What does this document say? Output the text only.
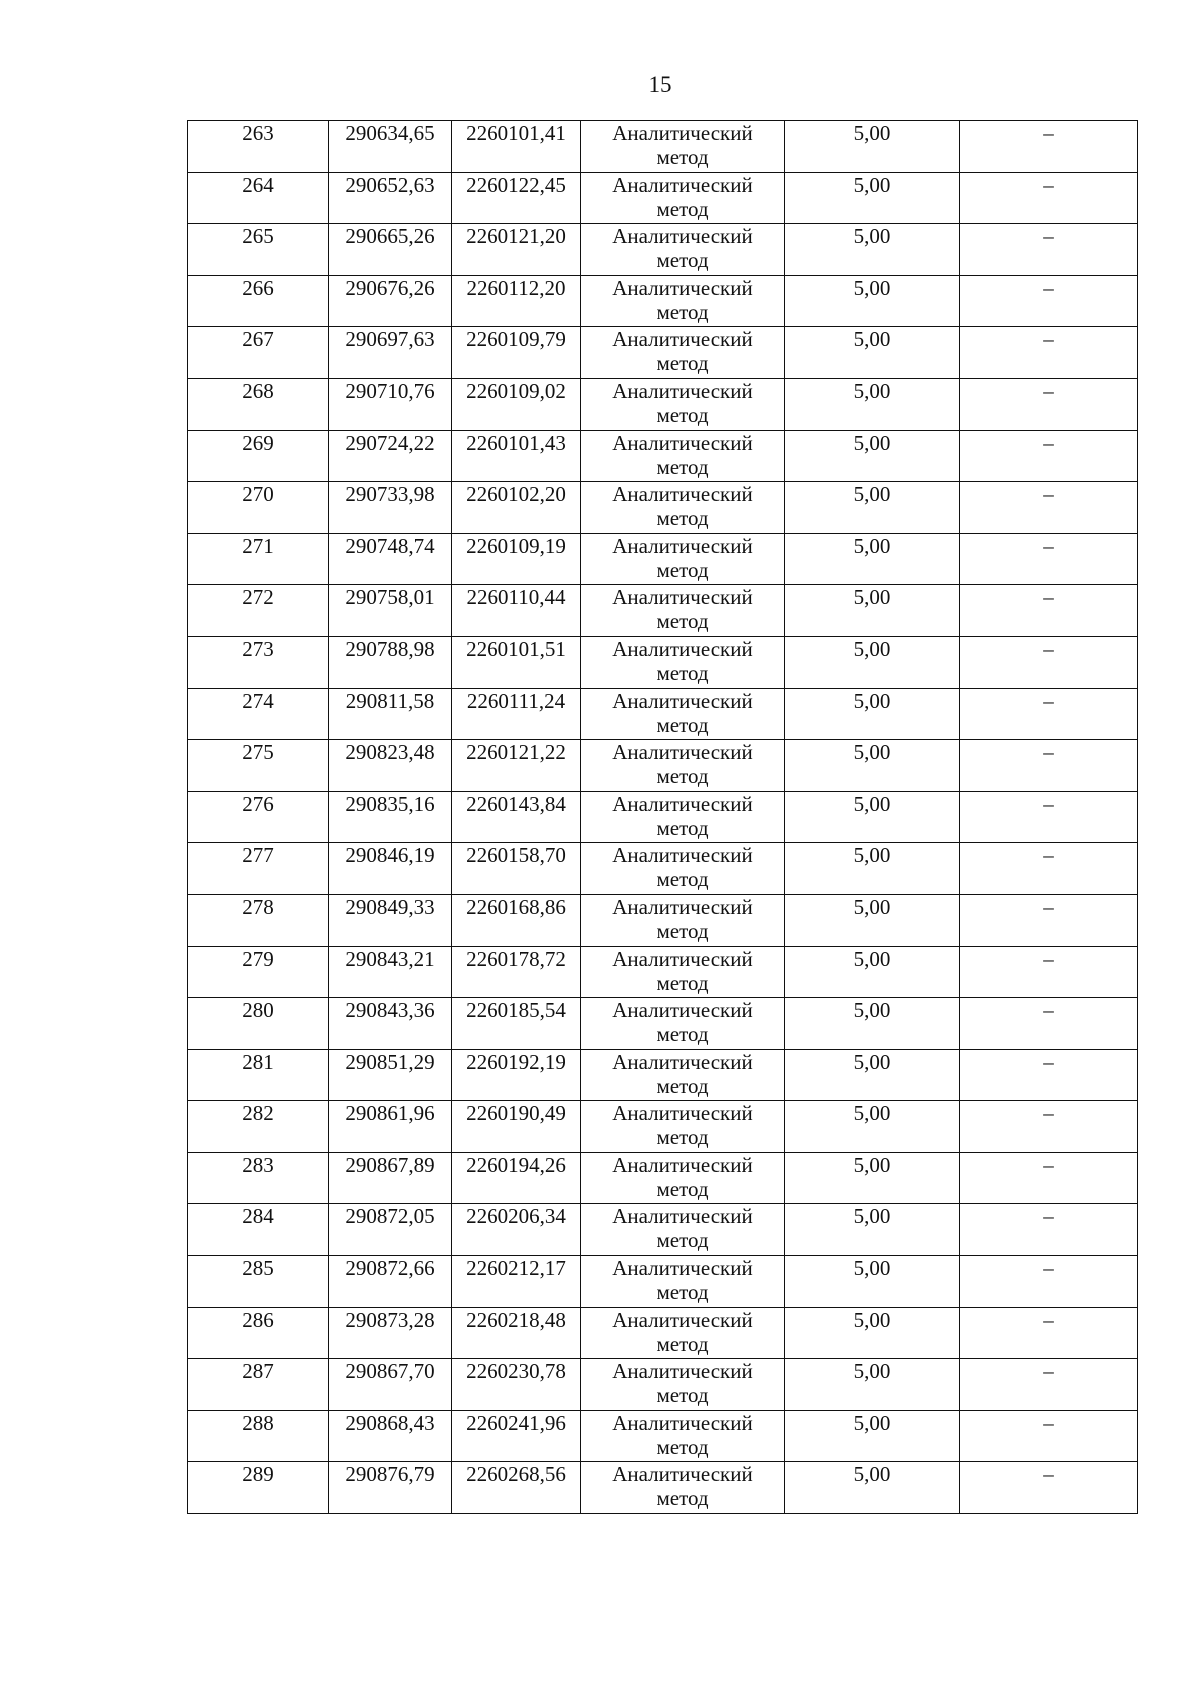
15
263	290634,65	2260101,41	Аналитический
метод	5,00	–

264	290652,63	2260122,45	Аналитический
метод	5,00	–

265	290665,26	2260121,20	Аналитический
метод	5,00	–

266	290676,26	2260112,20	Аналитический
метод	5,00	–

267	290697,63	2260109,79	Аналитический
метод	5,00	–

268	290710,76	2260109,02	Аналитический
метод	5,00	–

269	290724,22	2260101,43	Аналитический
метод	5,00	–

270	290733,98	2260102,20	Аналитический
метод	5,00	–

271	290748,74	2260109,19	Аналитический
метод	5,00	–

272	290758,01	2260110,44	Аналитический
метод	5,00	–

273	290788,98	2260101,51	Аналитический
метод	5,00	–

274	290811,58	2260111,24	Аналитический
метод	5,00	–

275	290823,48	2260121,22	Аналитический
метод	5,00	–

276	290835,16	2260143,84	Аналитический
метод	5,00	–

277	290846,19	2260158,70	Аналитический
метод	5,00	–

278	290849,33	2260168,86	Аналитический
метод	5,00	–

279	290843,21	2260178,72	Аналитический
метод	5,00	–

280	290843,36	2260185,54	Аналитический
метод	5,00	–

281	290851,29	2260192,19	Аналитический
метод	5,00	–

282	290861,96	2260190,49	Аналитический
метод	5,00	–

283	290867,89	2260194,26	Аналитический
метод	5,00	–

284	290872,05	2260206,34	Аналитический
метод	5,00	–

285	290872,66	2260212,17	Аналитический
метод	5,00	–

286	290873,28	2260218,48	Аналитический
метод	5,00	–

287	290867,70	2260230,78	Аналитический
метод	5,00	–

288	290868,43	2260241,96	Аналитический
метод	5,00	–

289	290876,79	2260268,56	Аналитический
метод	5,00	–
